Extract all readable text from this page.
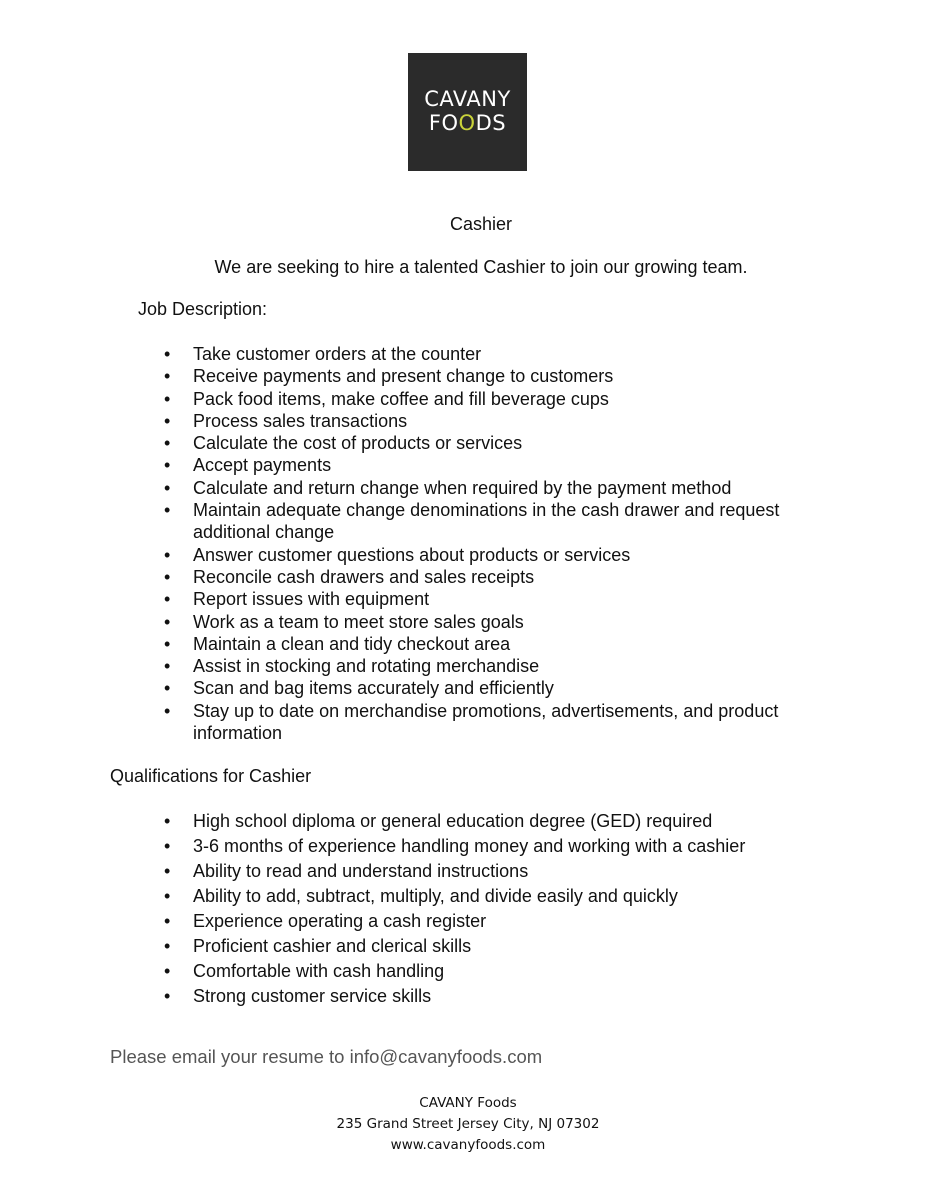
CAVANY
FOODS
Cashier
We are seeking to hire a talented Cashier to join our growing team.
Job Description:
• Take customer orders at the counter
• Receive payments and present change to customers
• Pack food items, make coffee and fill beverage cups
• Process sales transactions
• Calculate the cost of products or services
• Accept payments
• Calculate and return change when required by the payment method
• Maintain adequate change denominations in the cash drawer and request additional change
• Answer customer questions about products or services
• Reconcile cash drawers and sales receipts
• Report issues with equipment
• Work as a team to meet store sales goals
• Maintain a clean and tidy checkout area
• Assist in stocking and rotating merchandise
• Scan and bag items accurately and efficiently
• Stay up to date on merchandise promotions, advertisements, and product information
Qualifications for Cashier
• High school diploma or general education degree (GED) required
• 3-6 months of experience handling money and working with a cashier
• Ability to read and understand instructions
• Ability to add, subtract, multiply, and divide easily and quickly
• Experience operating a cash register
• Proficient cashier and clerical skills
• Comfortable with cash handling
• Strong customer service skills
Please email your resume to info@cavanyfoods.com
CAVANY Foods
235 Grand Street Jersey City, NJ 07302
www.cavanyfoods.com
